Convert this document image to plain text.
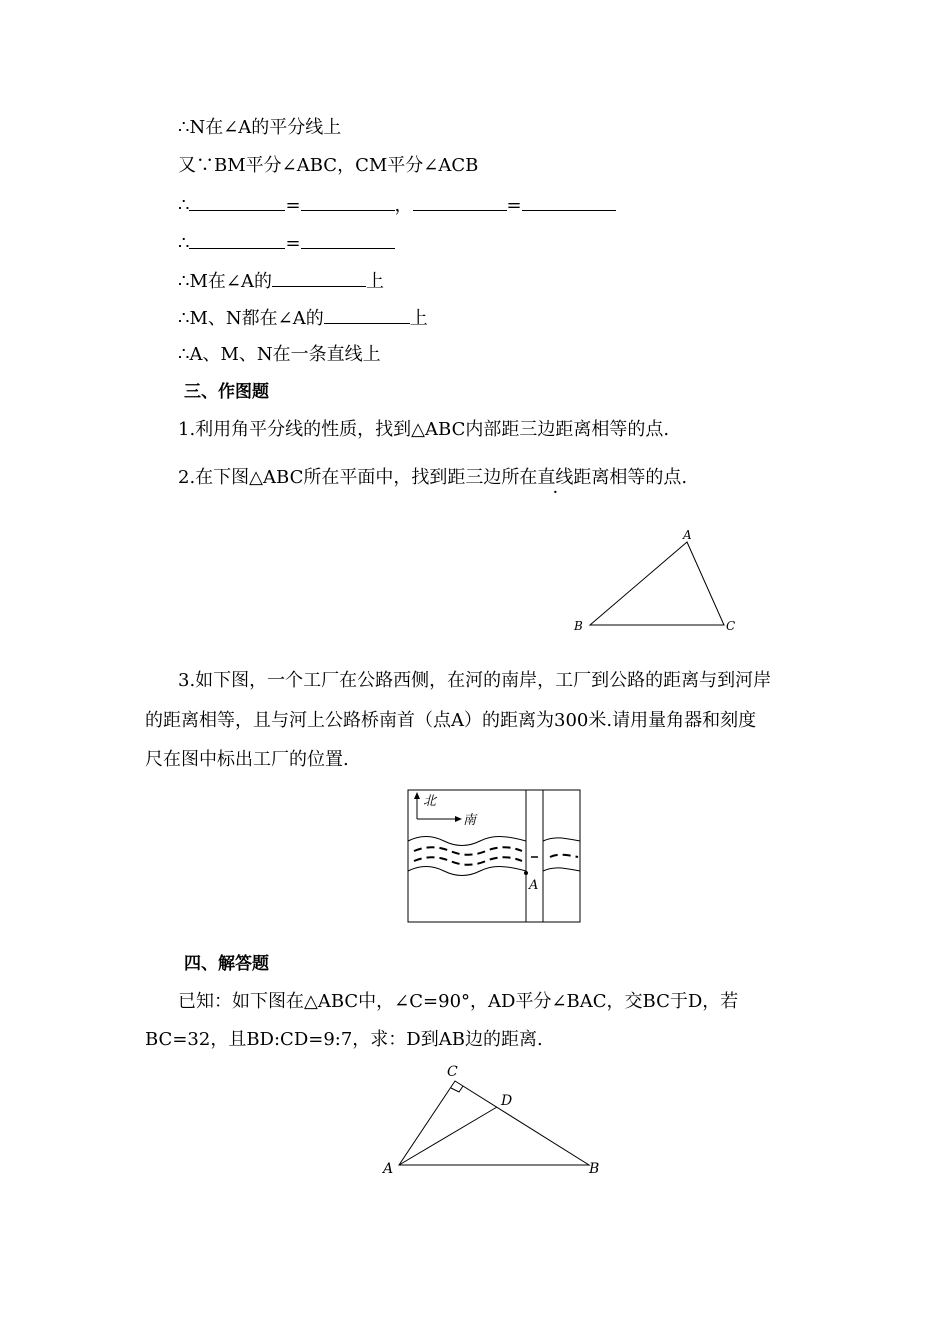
∴N在∠A的平分线上
又∵BM平分∠ABC，CM平分∠ACB
∴	=	，	=
∴	=
∴M在∠A的	上
∴M、N都在∠A的	上
∴A、M、N在一条直线上
三、作图题
1.利用角平分线的性质，找到△ABC内部距三边距离相等的点.
2.在下图△ABC所在平面中，找到距三边所在直线距离相等的点.
A
B	C
3.如下图，一个工厂在公路西侧，在河的南岸，工厂到公路的距离与到河岸
的距离相等，且与河上公路桥南首（点A）的距离为300米.请用量角器和刻度
尺在图中标出工厂的位置.
北
南
A
四、解答题
已知：如下图在△ABC中，∠C=90°，AD平分∠BAC，交BC于D，若
BC=32，且BD:CD=9:7，求：D到AB边的距离.
C
D
A	B
